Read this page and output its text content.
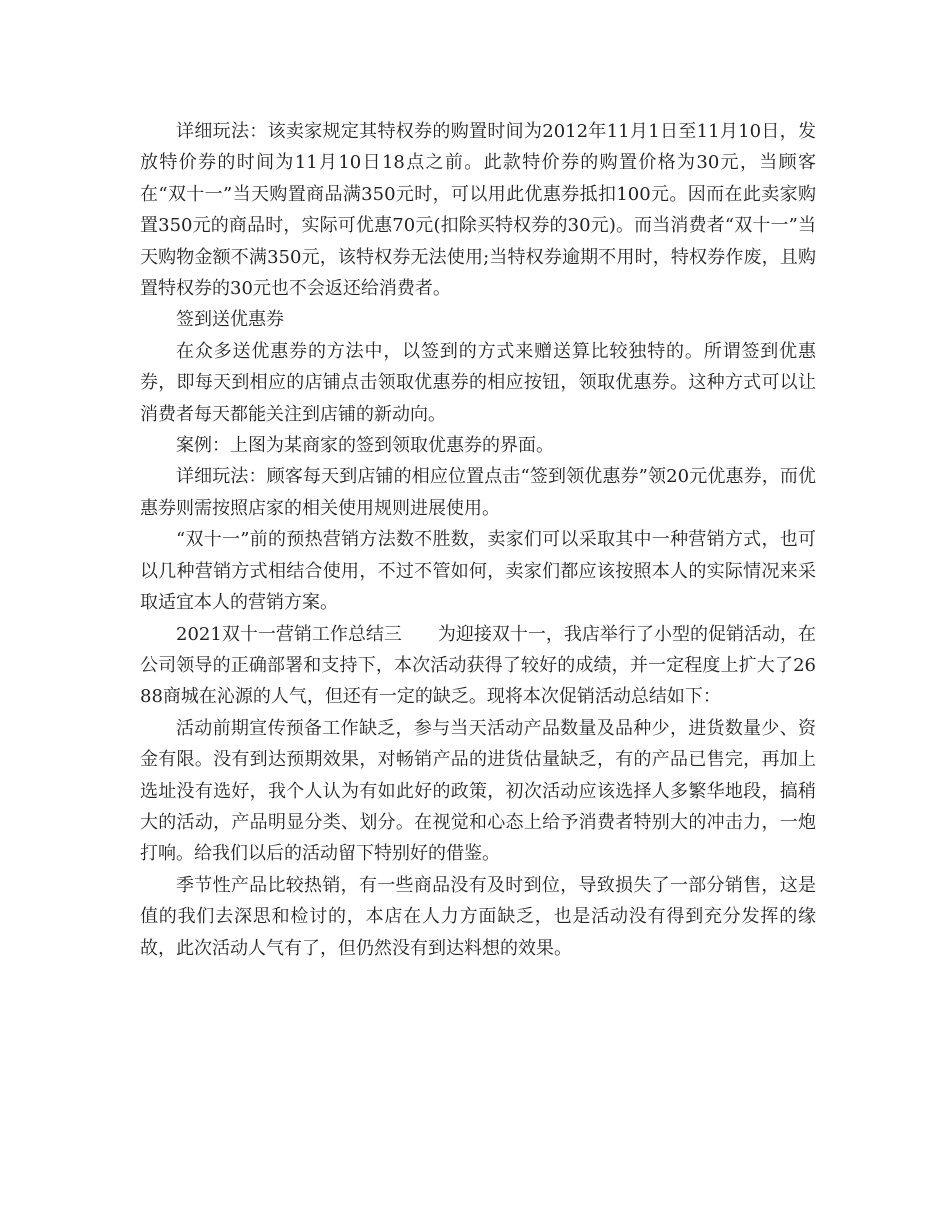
详细玩法：该卖家规定其特权券的购置时间为2012年11月1日至11月10日，发放特价券的时间为11月10日18点之前。此款特价券的购置价格为30元，当顾客在“双十一”当天购置商品满350元时，可以用此优惠券抵扣100元。因而在此卖家购置350元的商品时，实际可优惠70元(扣除买特权券的30元)。而当消费者“双十一”当天购物金额不满350元，该特权券无法使用;当特权券逾期不用时，特权券作废，且购置特权券的30元也不会返还给消费者。

签到送优惠券

在众多送优惠券的方法中，以签到的方式来赠送算比较独特的。所谓签到优惠券，即每天到相应的店铺点击领取优惠券的相应按钮，领取优惠券。这种方式可以让消费者每天都能关注到店铺的新动向。

案例：上图为某商家的签到领取优惠券的界面。

详细玩法：顾客每天到店铺的相应位置点击“签到领优惠券”领20元优惠券，而优惠券则需按照店家的相关使用规则进展使用。

“双十一”前的预热营销方法数不胜数，卖家们可以采取其中一种营销方式，也可以几种营销方式相结合使用，不过不管如何，卖家们都应该按照本人的实际情况来采取适宜本人的营销方案。

2021双十一营销工作总结三　　为迎接双十一，我店举行了小型的促销活动，在公司领导的正确部署和支持下，本次活动获得了较好的成绩，并一定程度上扩大了2688商城在沁源的人气，但还有一定的缺乏。现将本次促销活动总结如下：

活动前期宣传预备工作缺乏，参与当天活动产品数量及品种少，进货数量少、资金有限。没有到达预期效果，对畅销产品的进货估量缺乏，有的产品已售完，再加上选址没有选好，我个人认为有如此好的政策，初次活动应该选择人多繁华地段，搞稍大的活动，产品明显分类、划分。在视觉和心态上给予消费者特别大的冲击力，一炮打响。给我们以后的活动留下特别好的借鉴。

季节性产品比较热销，有一些商品没有及时到位，导致损失了一部分销售，这是值的我们去深思和检讨的，本店在人力方面缺乏，也是活动没有得到充分发挥的缘故，此次活动人气有了，但仍然没有到达料想的效果。
